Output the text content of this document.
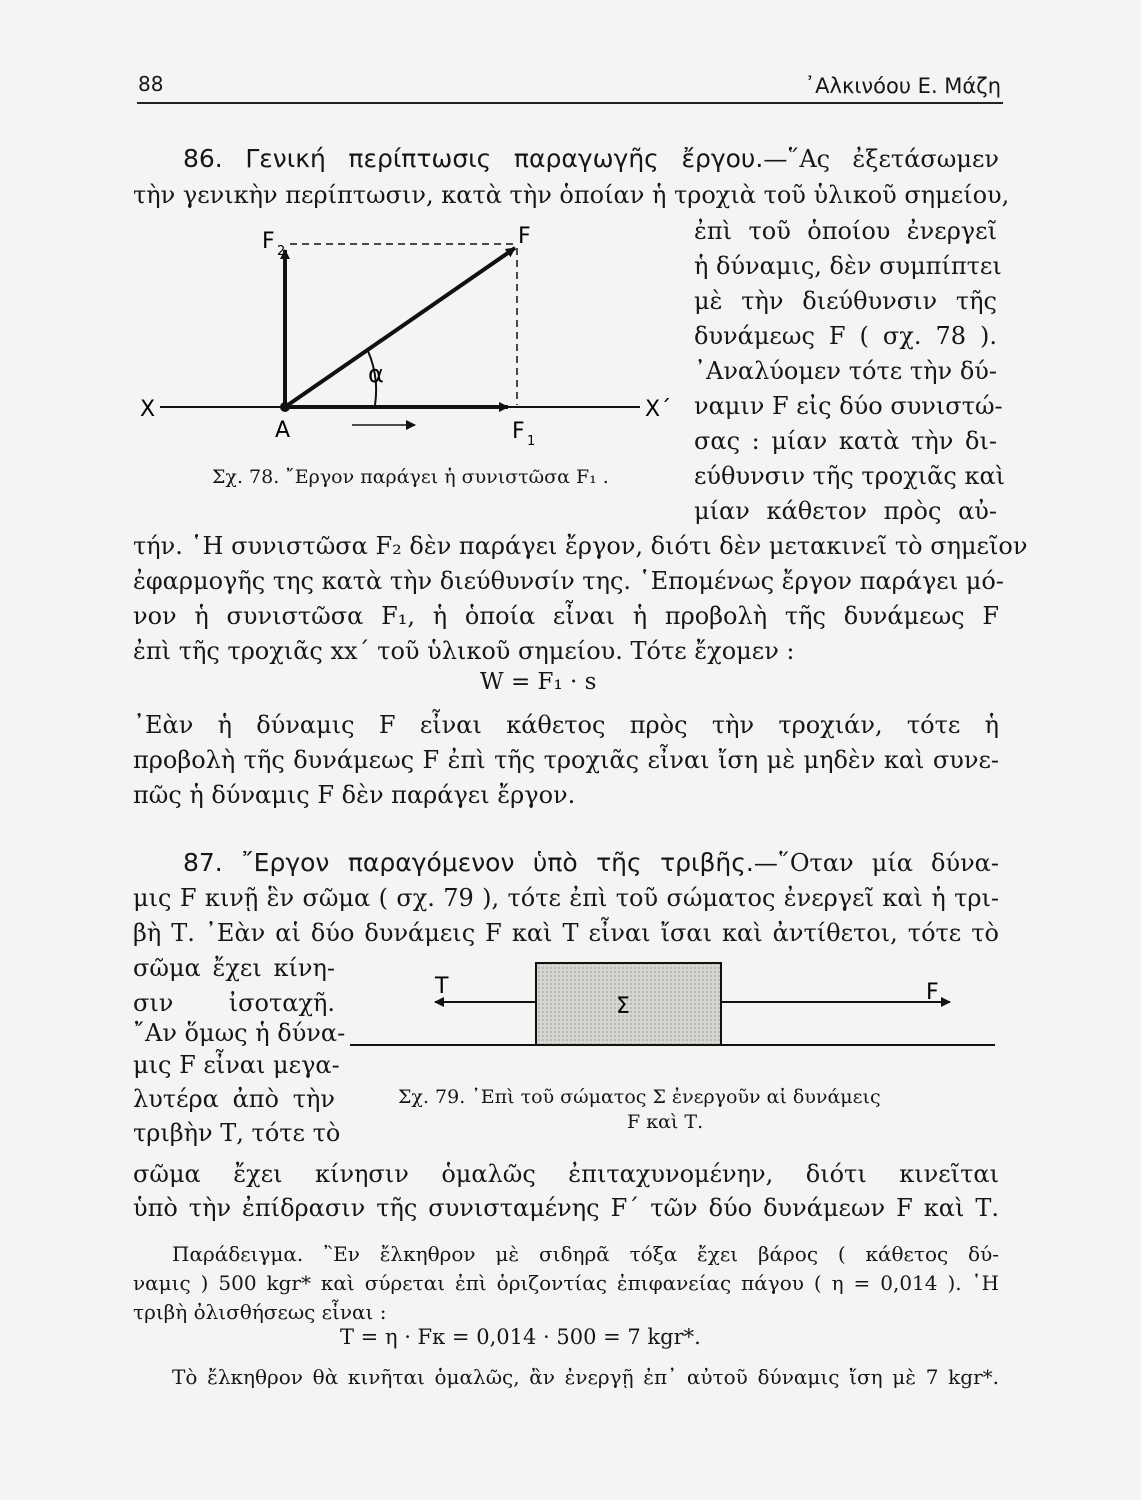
88	᾿Αλκινόου Ε. Μάζη
86. Γενική περίπτωσις παραγωγῆς ἔργου.—῞Ας ἐξετάσωμεν
τὴν γενικὴν περίπτωσιν, κατὰ τὴν ὁποίαν ἡ τροχιὰ τοῦ ὑλικοῦ σημείου,
ἐπὶ τοῦ ὁποίου ἐνεργεῖ
ἡ δύναμις, δὲν συμπίπτει
μὲ τὴν διεύθυνσιν τῆς
δυνάμεως F ( σχ. 78 ).
᾿Αναλύομεν τότε τὴν δύ-
ναμιν F εἰς δύο συνιστώ-
σας : μίαν κατὰ τὴν δι-
εύθυνσιν τῆς τροχιᾶς καὶ
μίαν κάθετον πρὸς αὐ-
X	X΄
A
F
F 2
F 1
α
Σχ. 78. ῎Εργον παράγει ἡ συνιστῶσα F₁ .
τήν. ῾Η συνιστῶσα F₂ δὲν παράγει ἔργον, διότι δὲν μετακινεῖ τὸ σημεῖον
ἐφαρμογῆς της κατὰ τὴν διεύθυνσίν της. ῾Επομένως ἔργον παράγει μό-
νον ἡ συνιστῶσα F₁, ἡ ὁποία εἶναι ἡ προβολὴ τῆς δυνάμεως F
ἐπὶ τῆς τροχιᾶς xx΄ τοῦ ὑλικοῦ σημείου. Τότε ἔχομεν :
W = F₁ · s
᾿Εὰν ἡ δύναμις F εἶναι κάθετος πρὸς τὴν τροχιάν, τότε ἡ
προβολὴ τῆς δυνάμεως F ἐπὶ τῆς τροχιᾶς εἶναι ἴση μὲ μηδὲν καὶ συνε-
πῶς ἡ δύναμις F δὲν παράγει ἔργον.
87. ῎Εργον παραγόμενον ὑπὸ τῆς τριβῆς.—῞Οταν μία δύνα-
μις F κινῇ ἓν σῶμα ( σχ. 79 ), τότε ἐπὶ τοῦ σώματος ἐνεργεῖ καὶ ἡ τρι-
βὴ Τ. ᾿Εὰν αἱ δύο δυνάμεις F καὶ Τ εἶναι ἴσαι καὶ ἀντίθετοι, τότε τὸ
σῶμα ἔχει κίνη-
σιν ἰσοταχῆ.
῎Αν ὅμως ἡ δύνα-
μις F εἶναι μεγα-
λυτέρα ἀπὸ τὴν
τριβὴν Τ, τότε τὸ
T	F
Σ
Σχ. 79. ᾿Επὶ τοῦ σώματος Σ ἐνεργοῦν αἱ δυνάμεις
F καὶ Τ.
σῶμα ἔχει κίνησιν ὁμαλῶς ἐπιταχυνομένην, διότι κινεῖται
ὑπὸ τὴν ἐπίδρασιν τῆς συνισταμένης F΄ τῶν δύο δυνάμεων F καὶ Τ.
Παράδειγμα. ῍Εν ἔλκηθρον μὲ σιδηρᾶ τόξα ἔχει βάρος ( κάθετος δύ-
ναμις ) 500 kgr* καὶ σύρεται ἐπὶ ὁριζοντίας ἐπιφανείας πάγου ( η = 0,014 ). ῾Η
τριβὴ ὀλισθήσεως εἶναι :
T = η · Fκ = 0,014 · 500 = 7 kgr*.
Τὸ ἔλκηθρον θὰ κινῆται ὁμαλῶς, ἂν ἐνεργῇ ἐπ᾿ αὐτοῦ δύναμις ἴση μὲ 7 kgr*.
